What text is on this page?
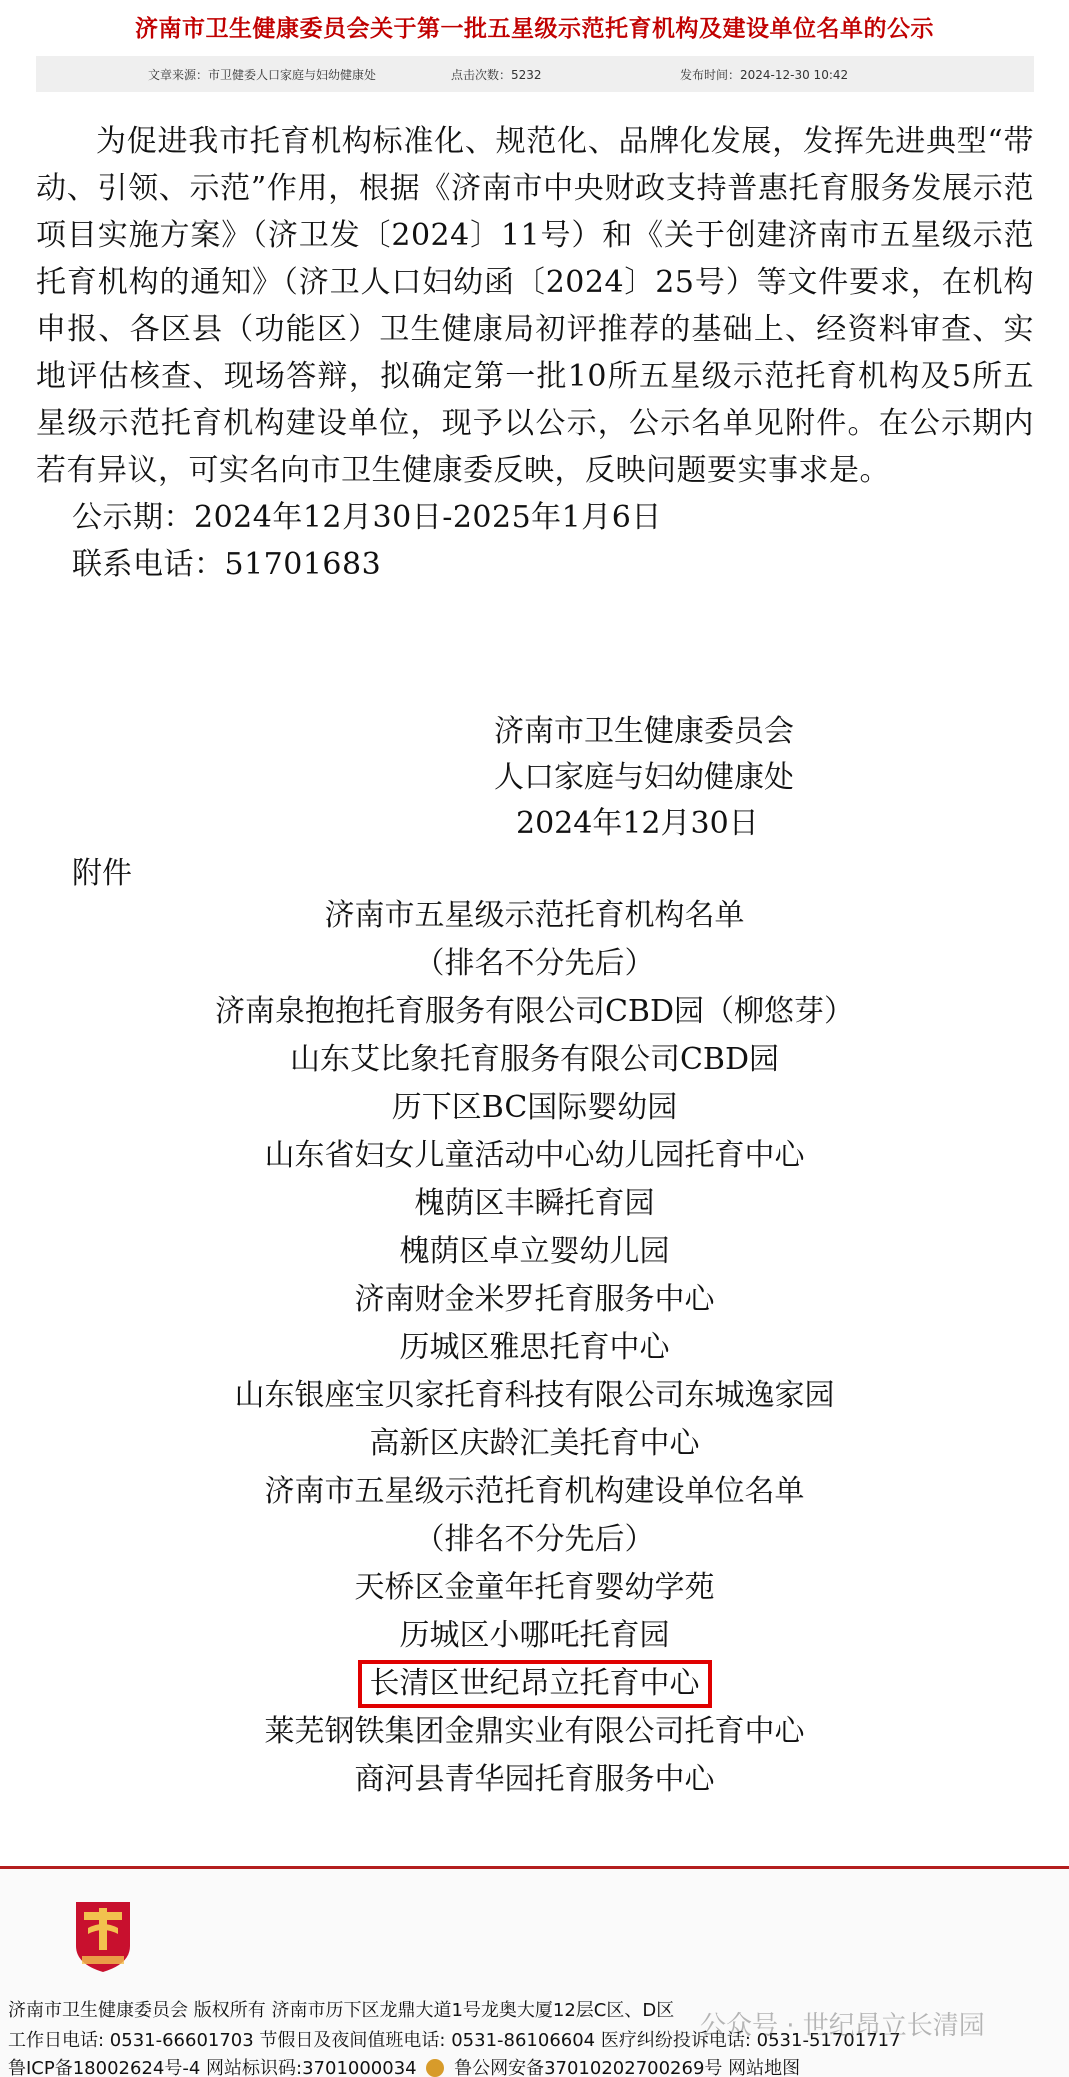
济南市卫生健康委员会关于第一批五星级示范托育机构及建设单位名单的公示
文章来源：市卫健委人口家庭与妇幼健康处	点击次数：5232	发布时间：2024-12-30 10:42

为促进我市托育机构标准化、规范化、品牌化发展，发挥先进典型“带动、引领、示范”作用，根据《济南市中央财政支持普惠托育服务发展示范项目实施方案》（济卫发〔2024〕11号）和《关于创建济南市五星级示范托育机构的通知》（济卫人口妇幼函〔2024〕25号）等文件要求，在机构申报、各区县（功能区）卫生健康局初评推荐的基础上、经资料审查、实地评估核查、现场答辩，拟确定第一批10所五星级示范托育机构及5所五星级示范托育机构建设单位，现予以公示，公示名单见附件。在公示期内若有异议，可实名向市卫生健康委反映，反映问题要实事求是。

公示期：2024年12月30日-2025年1月6日

联系电话：51701683

济南市卫生健康委员会
人口家庭与妇幼健康处
2024年12月30日
附件
济南市五星级示范托育机构名单
（排名不分先后）
济南泉抱抱托育服务有限公司CBD园（柳悠芽）
山东艾比象托育服务有限公司CBD园
历下区BC国际婴幼园
山东省妇女儿童活动中心幼儿园托育中心
槐荫区丰瞬托育园
槐荫区卓立婴幼儿园
济南财金米罗托育服务中心
历城区雅思托育中心
山东银座宝贝家托育科技有限公司东城逸家园
高新区庆龄汇美托育中心
济南市五星级示范托育机构建设单位名单
（排名不分先后）
天桥区金童年托育婴幼学苑
历城区小哪吒托育园
长清区世纪昂立托育中心
莱芜钢铁集团金鼎实业有限公司托育中心
商河县青华园托育服务中心
济南市卫生健康委员会 版权所有 济南市历下区龙鼎大道1号龙奥大厦12层C区、D区
工作日电话: 0531-66601703 节假日及夜间值班电话: 0531-86106604 医疗纠纷投诉电话: 0531-51701717
鲁ICP备18002624号-4 网站标识码:3701000034 鲁公网安备37010202700269号 网站地图
公众号 · 世纪昂立长清园
